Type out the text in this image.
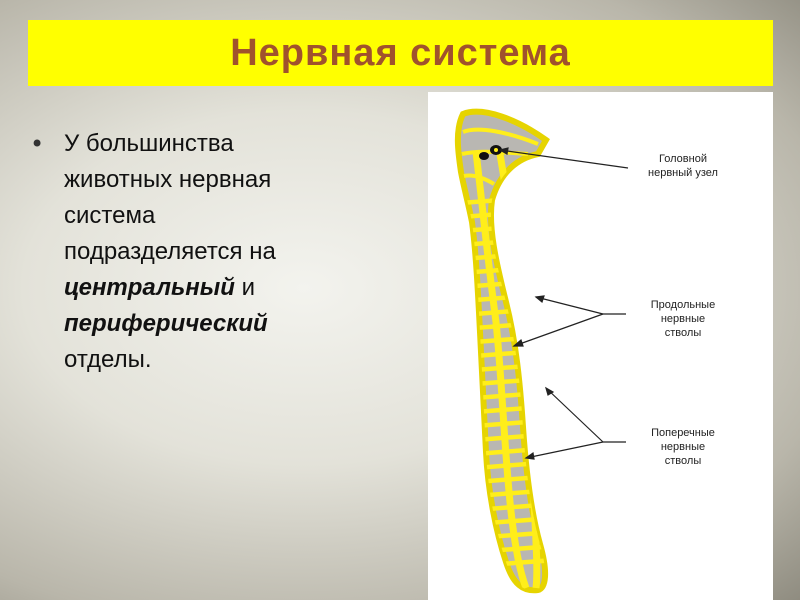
Нервная система
• У большинства
животных нервная
система
подразделяется на
центральный и
периферический
отделы.
Головной
нервный узел
Продольные
нервные
стволы
Поперечные
нервные
стволы
